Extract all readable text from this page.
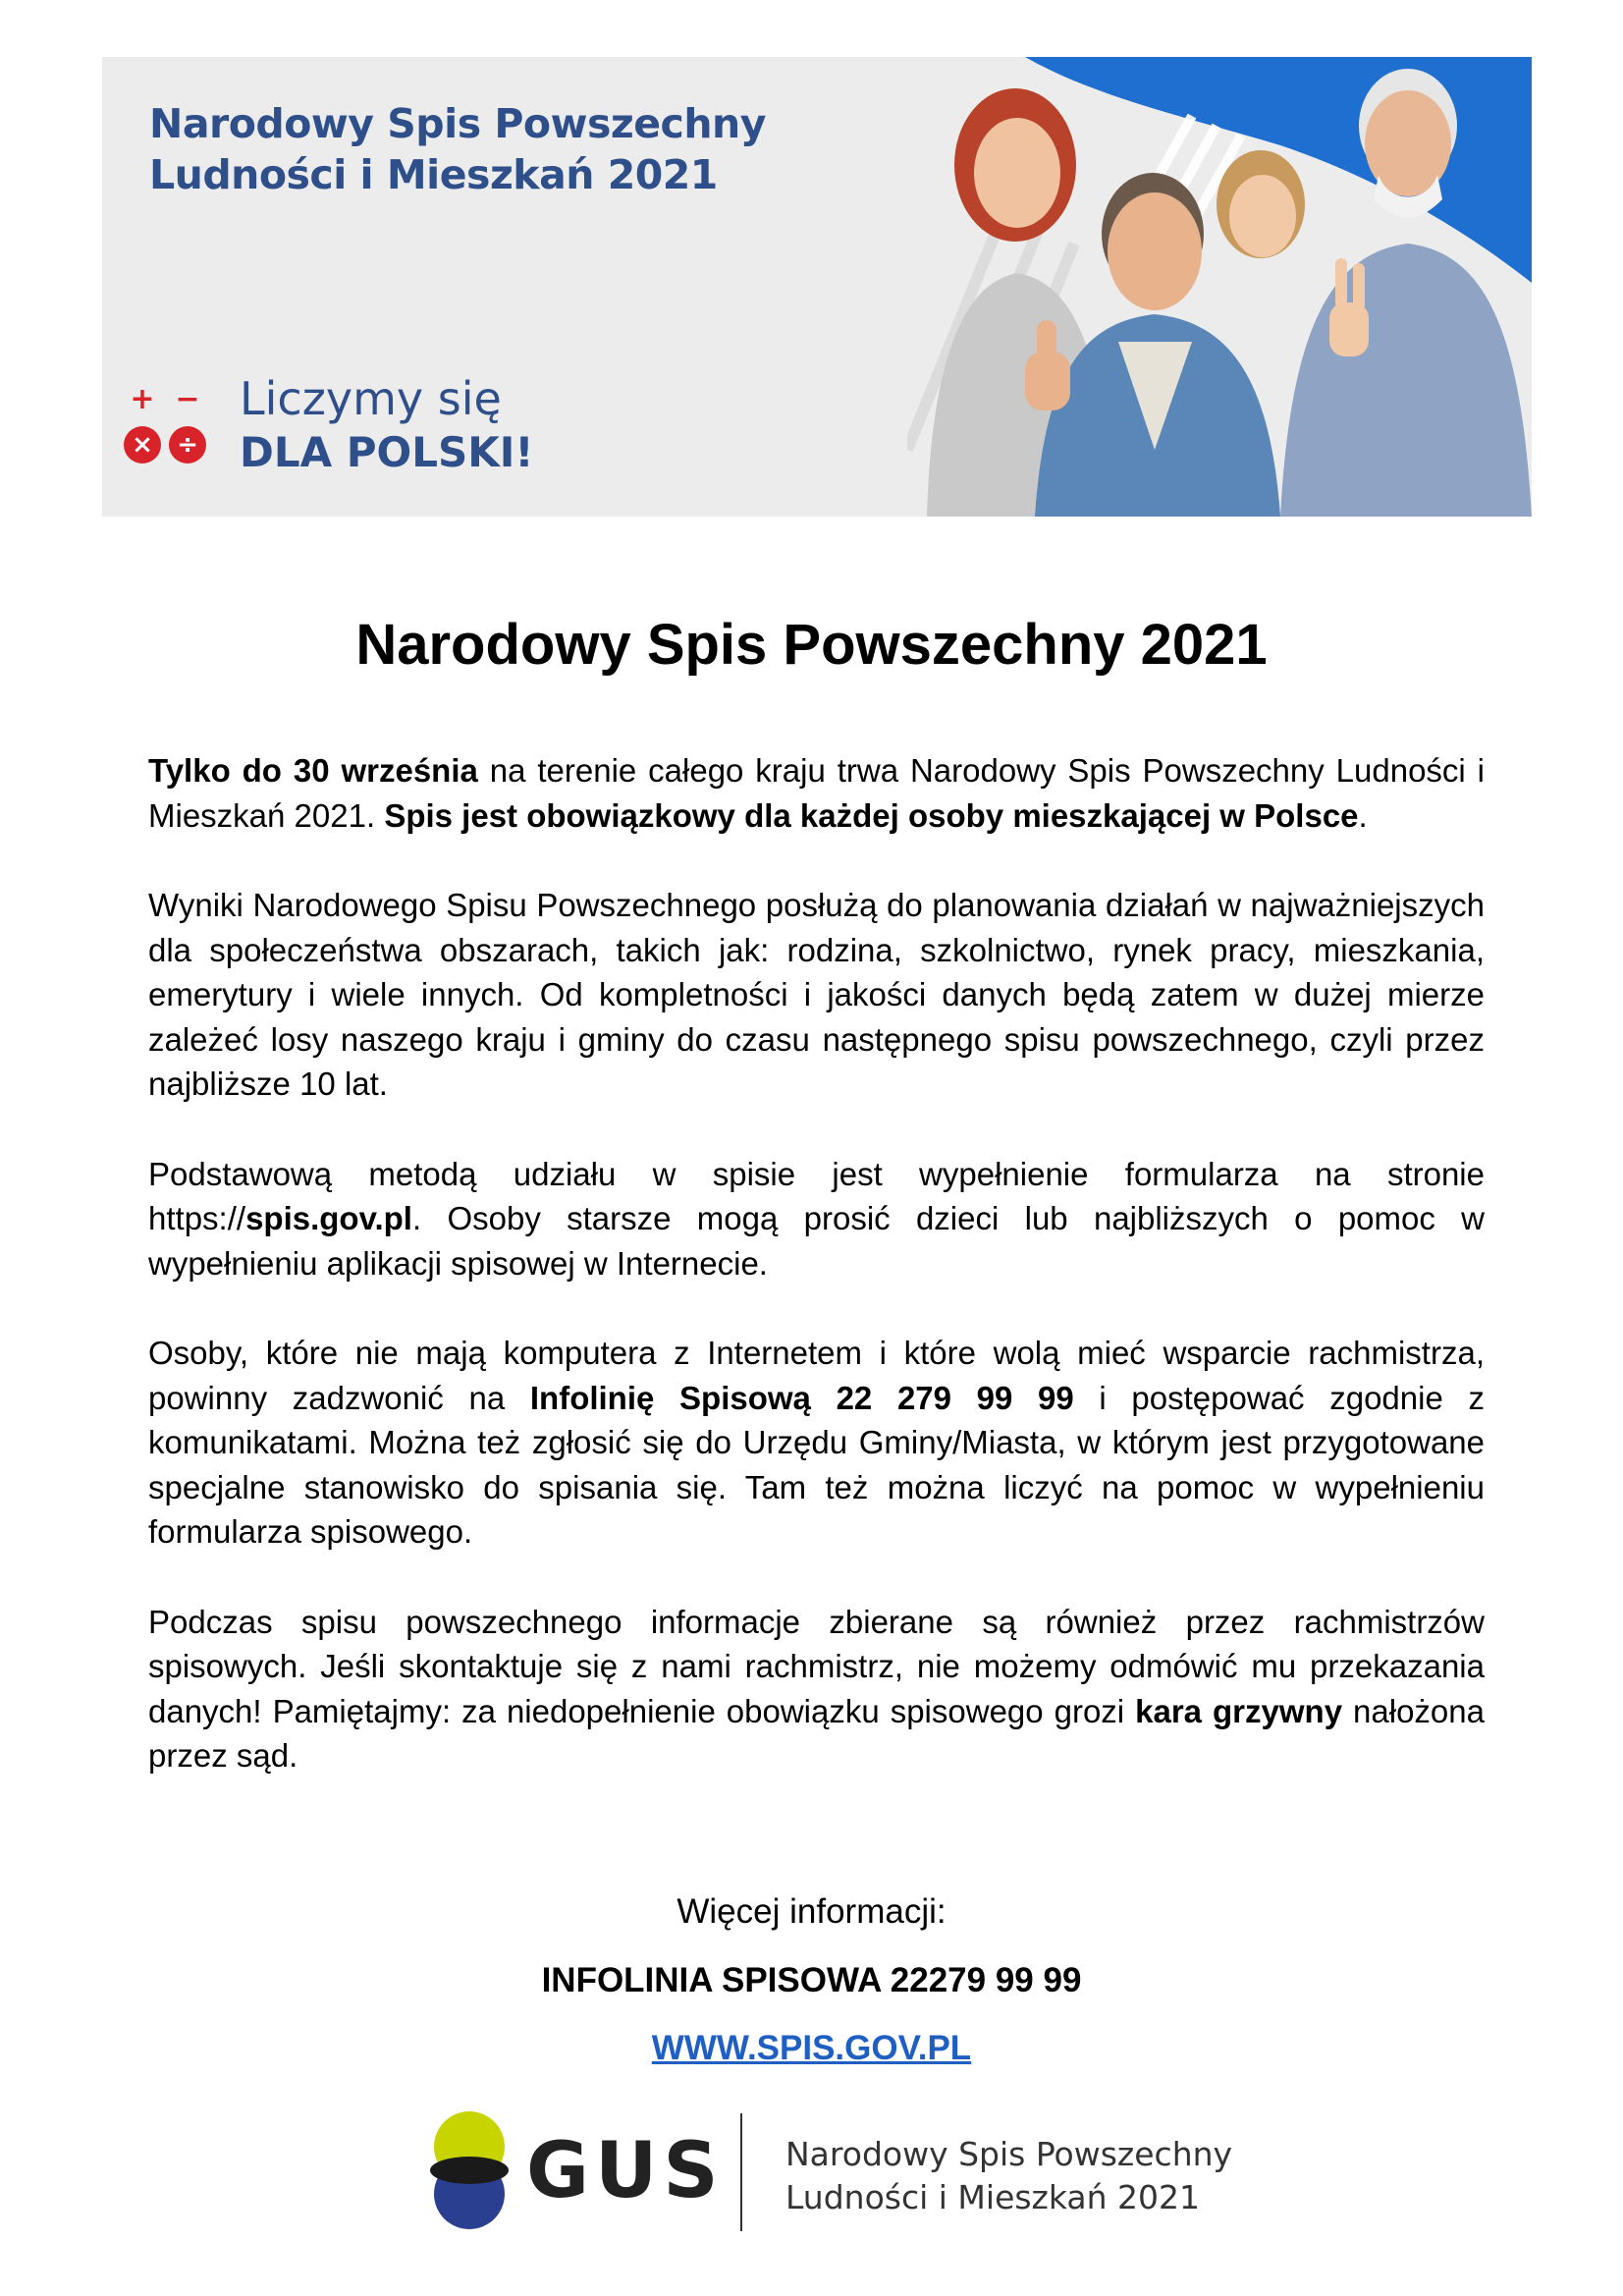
Narodowy Spis Powszechny
Ludności i Mieszkań 2021
+ −
× ÷
Liczymy się
DLA POLSKI!
Narodowy Spis Powszechny 2021

Tylko do 30 września na terenie całego kraju trwa Narodowy Spis Powszechny Ludności i Mieszkań 2021. Spis jest obowiązkowy dla każdej osoby mieszkającej w Polsce.

Wyniki Narodowego Spisu Powszechnego posłużą do planowania działań w najważniejszych dla społeczeństwa obszarach, takich jak: rodzina, szkolnictwo, rynek pracy, mieszkania, emerytury i wiele innych. Od kompletności i jakości danych będą zatem w dużej mierze zależeć losy naszego kraju i gminy do czasu następnego spisu powszechnego, czyli przez najbliższe 10 lat.

Podstawową metodą udziału w spisie jest wypełnienie formularza na stronie https://spis.gov.pl. Osoby starsze mogą prosić dzieci lub najbliższych o pomoc w wypełnieniu aplikacji spisowej w Internecie.

Osoby, które nie mają komputera z Internetem i które wolą mieć wsparcie rachmistrza, powinny zadzwonić na Infolinię Spisową 22 279 99 99 i postępować zgodnie z komunikatami. Można też zgłosić się do Urzędu Gminy/Miasta, w którym jest przygotowane specjalne stanowisko do spisania się. Tam też można liczyć na pomoc w wypełnieniu formularza spisowego.

Podczas spisu powszechnego informacje zbierane są również przez rachmistrzów spisowych. Jeśli skontaktuje się z nami rachmistrz, nie możemy odmówić mu przekazania danych! Pamiętajmy: za niedopełnienie obowiązku spisowego grozi kara grzywny nałożona przez sąd.

Więcej informacji:
INFOLINIA SPISOWA 22279 99 99
WWW.SPIS.GOV.PL
GUS Narodowy Spis Powszechny
Ludności i Mieszkań 2021
